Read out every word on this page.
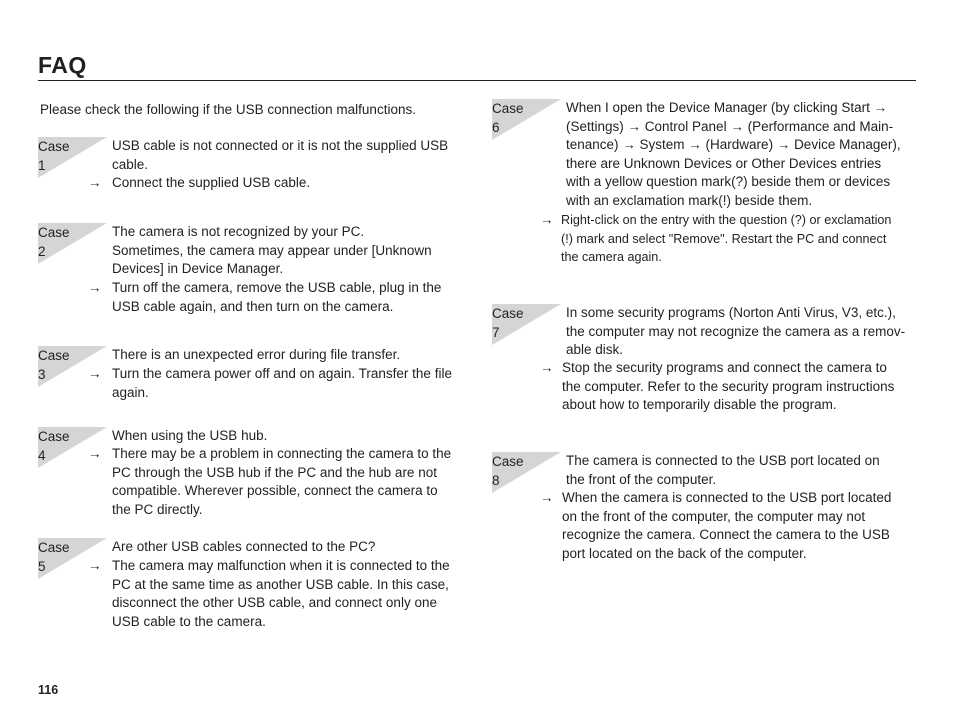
FAQ
Please check the following if the USB connection malfunctions.
Case 1
USB cable is not connected or it is not the supplied USB
cable.
→ Connect the supplied USB cable.
Case 2
The camera is not recognized by your PC.
Sometimes, the camera may appear under [Unknown
Devices] in Device Manager.
→ Turn off the camera, remove the USB cable, plug in the
USB cable again, and then turn on the camera.
Case 3
There is an unexpected error during file transfer.
→ Turn the camera power off and on again. Transfer the file
again.
Case 4
When using the USB hub.
→ There may be a problem in connecting the camera to the
PC through the USB hub if the PC and the hub are not
compatible. Wherever possible, connect the camera to
the PC directly.
Case 5
Are other USB cables connected to the PC?
→ The camera may malfunction when it is connected to the
PC at the same time as another USB cable. In this case,
disconnect the other USB cable, and connect only one
USB cable to the camera.
Case 6
When I open the Device Manager (by clicking Start →
(Settings) → Control Panel → (Performance and Main-
tenance) → System → (Hardware) → Device Manager),
there are Unknown Devices or Other Devices entries
with a yellow question mark(?) beside them or devices
with an exclamation mark(!) beside them.
→ Right-click on the entry with the question (?) or exclamation
(!) mark and select "Remove". Restart the PC and connect
the camera again.
Case 7
In some security programs (Norton Anti Virus, V3, etc.),
the computer may not recognize the camera as a remov-
able disk.
→ Stop the security programs and connect the camera to
the computer. Refer to the security program instructions
about how to temporarily disable the program.
Case 8
The camera is connected to the USB port located on
the front of the computer.
→ When the camera is connected to the USB port located
on the front of the computer, the computer may not
recognize the camera. Connect the camera to the USB
port located on the back of the computer.
116
